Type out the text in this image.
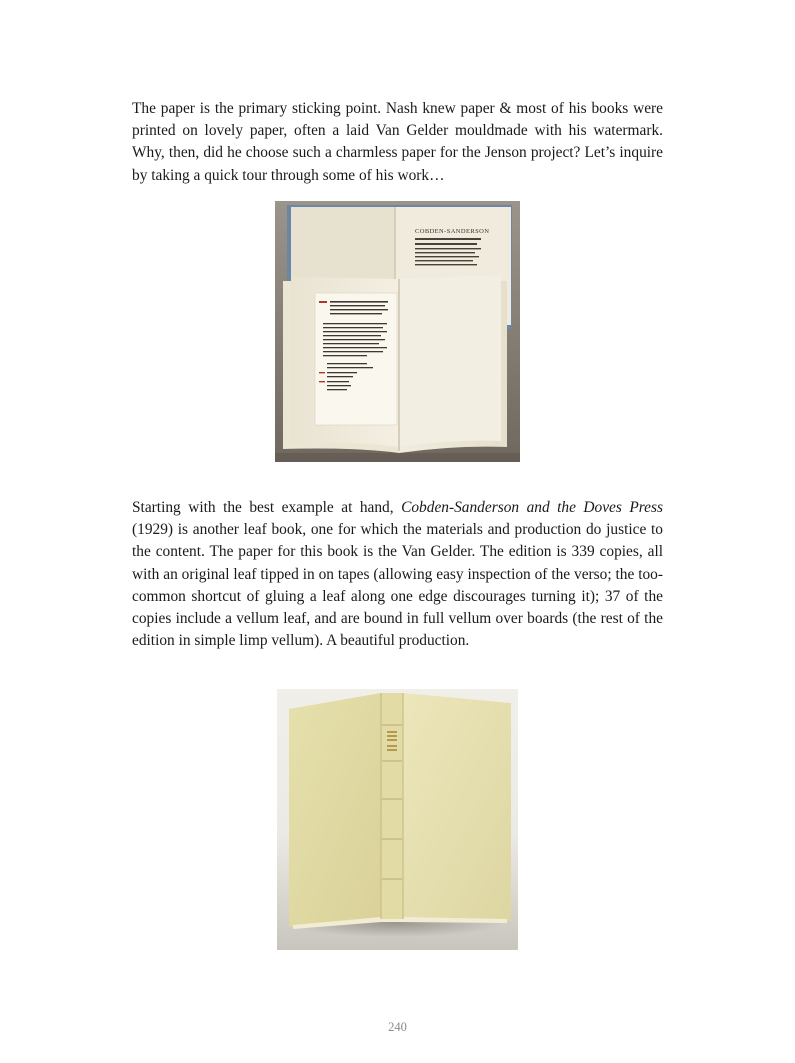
The paper is the primary sticking point. Nash knew paper & most of his books were printed on lovely paper, often a laid Van Gelder mouldmade with his watermark. Why, then, did he choose such a charmless paper for the Jenson project? Let’s inquire by taking a quick tour through some of his work…

COBDEN-SANDERSON

Starting with the best example at hand, Cobden-Sanderson and the Doves Press (1929) is another leaf book, one for which the materials and production do justice to the content. The paper for this book is the Van Gelder. The edition is 339 copies, all with an original leaf tipped in on tapes (allowing easy inspection of the verso; the too-common shortcut of gluing a leaf along one edge discourages turning it); 37 of the copies include a vellum leaf, and are bound in full vellum over boards (the rest of the edition in simple limp vellum). A beautiful production.

240
